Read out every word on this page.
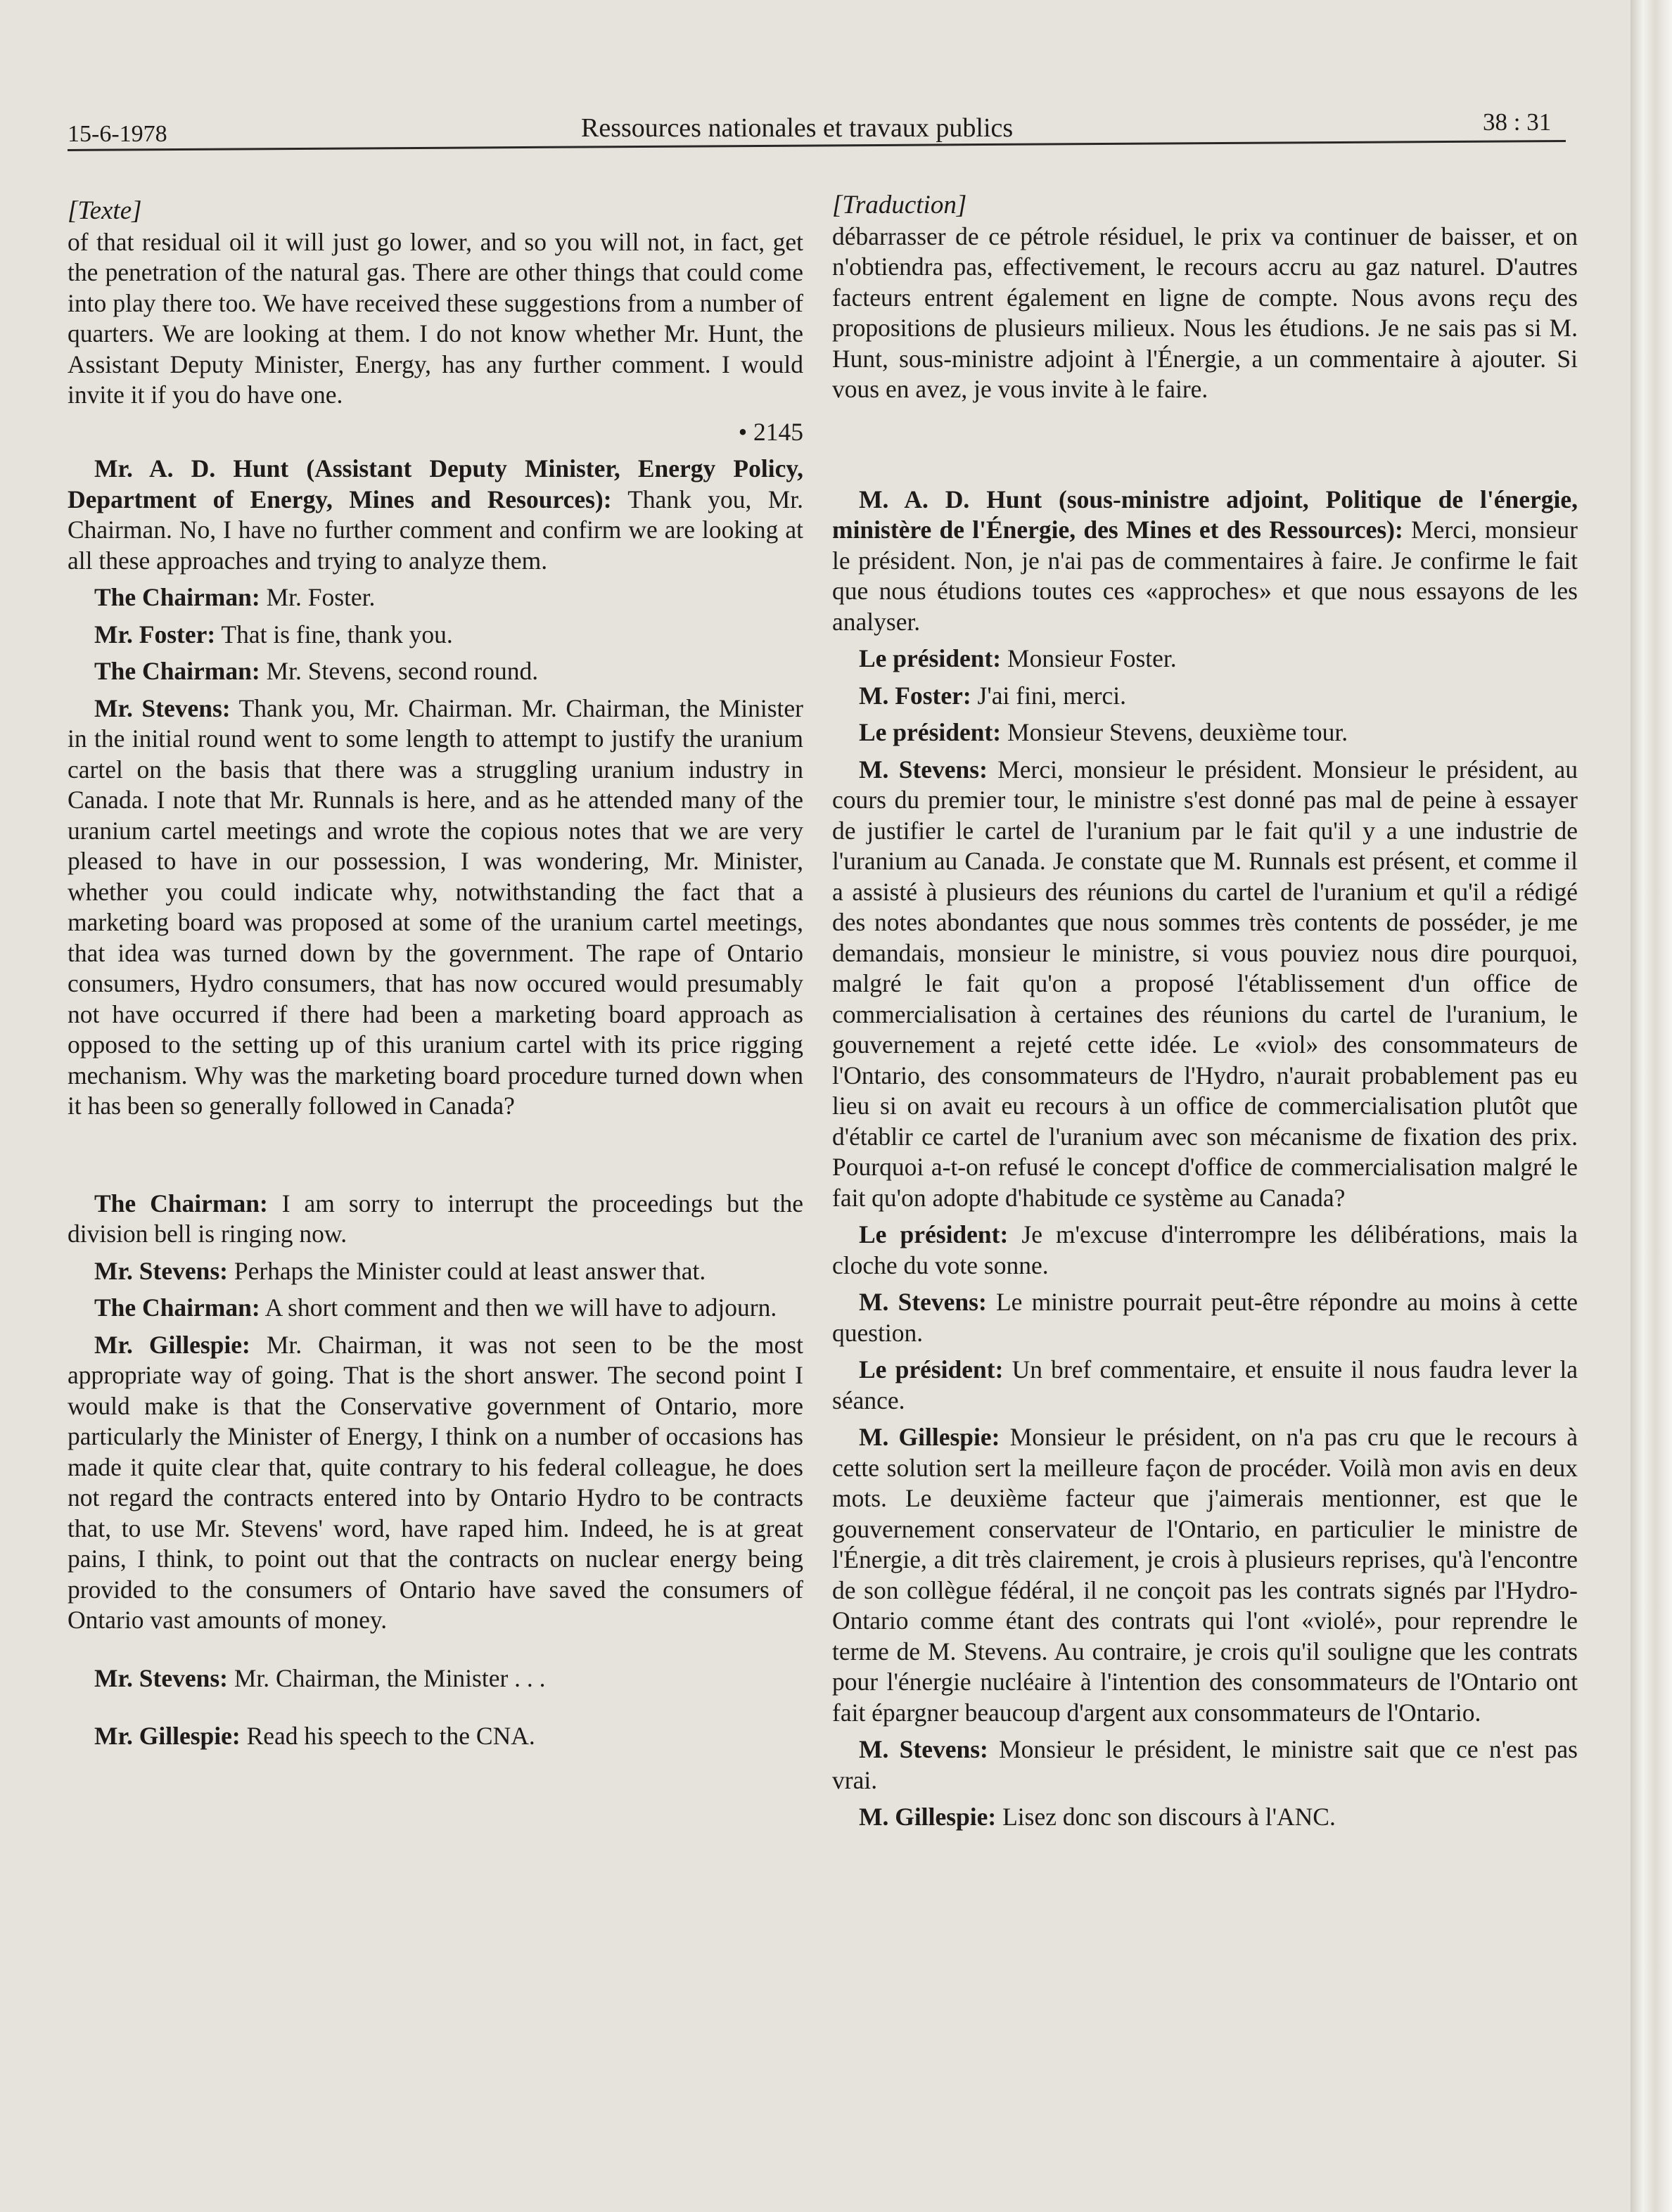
15-6-1978	Ressources nationales et travaux publics	38 : 31

[Texte]

of that residual oil it will just go lower, and so you will not, in fact, get the penetration of the natural gas. There are other things that could come into play there too. We have received these suggestions from a number of quarters. We are looking at them. I do not know whether Mr. Hunt, the Assistant Deputy Minister, Energy, has any further comment. I would invite it if you do have one.

• 2145

Mr. A. D. Hunt (Assistant Deputy Minister, Energy Policy, Department of Energy, Mines and Resources): Thank you, Mr. Chairman. No, I have no further comment and confirm we are looking at all these approaches and trying to analyze them.

The Chairman: Mr. Foster.

Mr. Foster: That is fine, thank you.

The Chairman: Mr. Stevens, second round.

Mr. Stevens: Thank you, Mr. Chairman. Mr. Chairman, the Minister in the initial round went to some length to attempt to justify the uranium cartel on the basis that there was a struggling uranium industry in Canada. I note that Mr. Runnals is here, and as he attended many of the uranium cartel meetings and wrote the copious notes that we are very pleased to have in our possession, I was wondering, Mr. Minister, whether you could indicate why, notwithstanding the fact that a marketing board was proposed at some of the uranium cartel meetings, that idea was turned down by the government. The rape of Ontario consumers, Hydro consumers, that has now occured would presumably not have occurred if there had been a marketing board approach as opposed to the setting up of this uranium cartel with its price rigging mechanism. Why was the marketing board procedure turned down when it has been so generally followed in Canada?

The Chairman: I am sorry to interrupt the proceedings but the division bell is ringing now.

Mr. Stevens: Perhaps the Minister could at least answer that.

The Chairman: A short comment and then we will have to adjourn.

Mr. Gillespie: Mr. Chairman, it was not seen to be the most appropriate way of going. That is the short answer. The second point I would make is that the Conservative government of Ontario, more particularly the Minister of Energy, I think on a number of occasions has made it quite clear that, quite contrary to his federal colleague, he does not regard the contracts entered into by Ontario Hydro to be contracts that, to use Mr. Stevens' word, have raped him. Indeed, he is at great pains, I think, to point out that the contracts on nuclear energy being provided to the consumers of Ontario have saved the consumers of Ontario vast amounts of money.

Mr. Stevens: Mr. Chairman, the Minister . . .

Mr. Gillespie: Read his speech to the CNA.

[Traduction]

débarrasser de ce pétrole résiduel, le prix va continuer de baisser, et on n'obtiendra pas, effectivement, le recours accru au gaz naturel. D'autres facteurs entrent également en ligne de compte. Nous avons reçu des propositions de plusieurs milieux. Nous les étudions. Je ne sais pas si M. Hunt, sous-ministre adjoint à l'Énergie, a un commentaire à ajouter. Si vous en avez, je vous invite à le faire.

M. A. D. Hunt (sous-ministre adjoint, Politique de l'énergie, ministère de l'Énergie, des Mines et des Ressources): Merci, monsieur le président. Non, je n'ai pas de commentaires à faire. Je confirme le fait que nous étudions toutes ces «approches» et que nous essayons de les analyser.

Le président: Monsieur Foster.

M. Foster: J'ai fini, merci.

Le président: Monsieur Stevens, deuxième tour.

M. Stevens: Merci, monsieur le président. Monsieur le président, au cours du premier tour, le ministre s'est donné pas mal de peine à essayer de justifier le cartel de l'uranium par le fait qu'il y a une industrie de l'uranium au Canada. Je constate que M. Runnals est présent, et comme il a assisté à plusieurs des réunions du cartel de l'uranium et qu'il a rédigé des notes abondantes que nous sommes très contents de posséder, je me demandais, monsieur le ministre, si vous pouviez nous dire pourquoi, malgré le fait qu'on a proposé l'établissement d'un office de commercialisation à certaines des réunions du cartel de l'uranium, le gouvernement a rejeté cette idée. Le «viol» des consommateurs de l'Ontario, des consommateurs de l'Hydro, n'aurait probablement pas eu lieu si on avait eu recours à un office de commercialisation plutôt que d'établir ce cartel de l'uranium avec son mécanisme de fixation des prix. Pourquoi a-t-on refusé le concept d'office de commercialisation malgré le fait qu'on adopte d'habitude ce système au Canada?

Le président: Je m'excuse d'interrompre les délibérations, mais la cloche du vote sonne.

M. Stevens: Le ministre pourrait peut-être répondre au moins à cette question.

Le président: Un bref commentaire, et ensuite il nous faudra lever la séance.

M. Gillespie: Monsieur le président, on n'a pas cru que le recours à cette solution sert la meilleure façon de procéder. Voilà mon avis en deux mots. Le deuxième facteur que j'aimerais mentionner, est que le gouvernement conservateur de l'Ontario, en particulier le ministre de l'Énergie, a dit très clairement, je crois à plusieurs reprises, qu'à l'encontre de son collègue fédéral, il ne conçoit pas les contrats signés par l'Hydro-Ontario comme étant des contrats qui l'ont «violé», pour reprendre le terme de M. Stevens. Au contraire, je crois qu'il souligne que les contrats pour l'énergie nucléaire à l'intention des consommateurs de l'Ontario ont fait épargner beaucoup d'argent aux consommateurs de l'Ontario.

M. Stevens: Monsieur le président, le ministre sait que ce n'est pas vrai.

M. Gillespie: Lisez donc son discours à l'ANC.
